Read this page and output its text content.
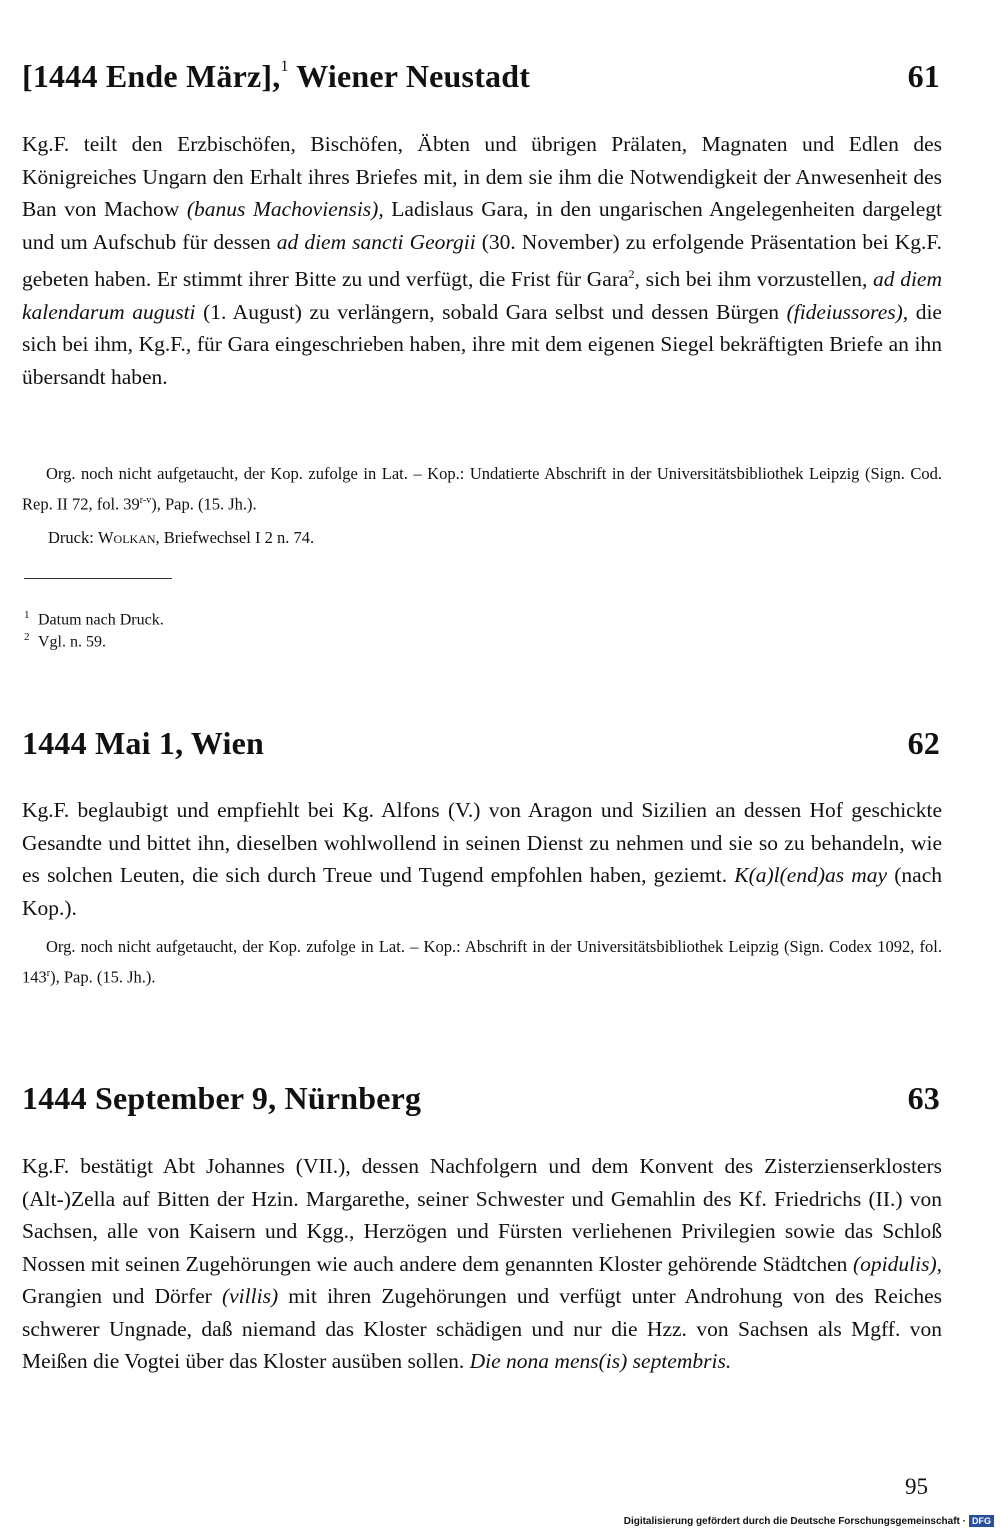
[1444 Ende März],$^1$ Wiener Neustadt	61

Kg.F. teilt den Erzbischöfen, Bischöfen, Äbten und übrigen Prälaten, Magnaten und Edlen des Königreiches Ungarn den Erhalt ihres Briefes mit, in dem sie ihm die Notwendigkeit der Anwesenheit des Ban von Machow (banus Machoviensis), Ladislaus Gara, in den ungarischen Angelegenheiten dargelegt und um Aufschub für dessen ad diem sancti Georgii (30. November) zu erfolgende Präsentation bei Kg.F. gebeten haben. Er stimmt ihrer Bitte zu und verfügt, die Frist für Gara$^2$, sich bei ihm vorzustellen, ad diem kalendarum augusti (1. August) zu verlängern, sobald Gara selbst und dessen Bürgen (fideiussores), die sich bei ihm, Kg.F., für Gara eingeschrieben haben, ihre mit dem eigenen Siegel bekräftigten Briefe an ihn übersandt haben.

Org. noch nicht aufgetaucht, der Kop. zufolge in Lat. – Kop.: Undatierte Abschrift in der Universitätsbibliothek Leipzig (Sign. Cod. Rep. II 72, fol. 39$^{r-v}$), Pap. (15. Jh.).
Druck: Wolkan, Briefwechsel I 2 n. 74.
1 Datum nach Druck.
2 Vgl. n. 59.
1444 Mai 1, Wien	62

Kg.F. beglaubigt und empfiehlt bei Kg. Alfons (V.) von Aragon und Sizilien an dessen Hof geschickte Gesandte und bittet ihn, dieselben wohlwollend in seinen Dienst zu nehmen und sie so zu behandeln, wie es solchen Leuten, die sich durch Treue und Tugend empfohlen haben, geziemt. K(a)l(end)as may (nach Kop.).

Org. noch nicht aufgetaucht, der Kop. zufolge in Lat. – Kop.: Abschrift in der Universitätsbibliothek Leipzig (Sign. Codex 1092, fol. 143$^r$), Pap. (15. Jh.).
1444 September 9, Nürnberg	63

Kg.F. bestätigt Abt Johannes (VII.), dessen Nachfolgern und dem Konvent des Zisterzienserklosters (Alt-)Zella auf Bitten der Hzin. Margarethe, seiner Schwester und Gemahlin des Kf. Friedrichs (II.) von Sachsen, alle von Kaisern und Kgg., Herzögen und Fürsten verliehenen Privilegien sowie das Schloß Nossen mit seinen Zugehörungen wie auch andere dem genannten Kloster gehörende Städtchen (opidulis), Grangien und Dörfer (villis) mit ihren Zugehörungen und verfügt unter Androhung von des Reiches schwerer Ungnade, daß niemand das Kloster schädigen und nur die Hzz. von Sachsen als Mgff. von Meißen die Vogtei über das Kloster ausüben sollen. Die nona mens(is) septembris.

95
Digitalisierung gefördert durch die Deutsche Forschungsgemeinschaft · DFG
